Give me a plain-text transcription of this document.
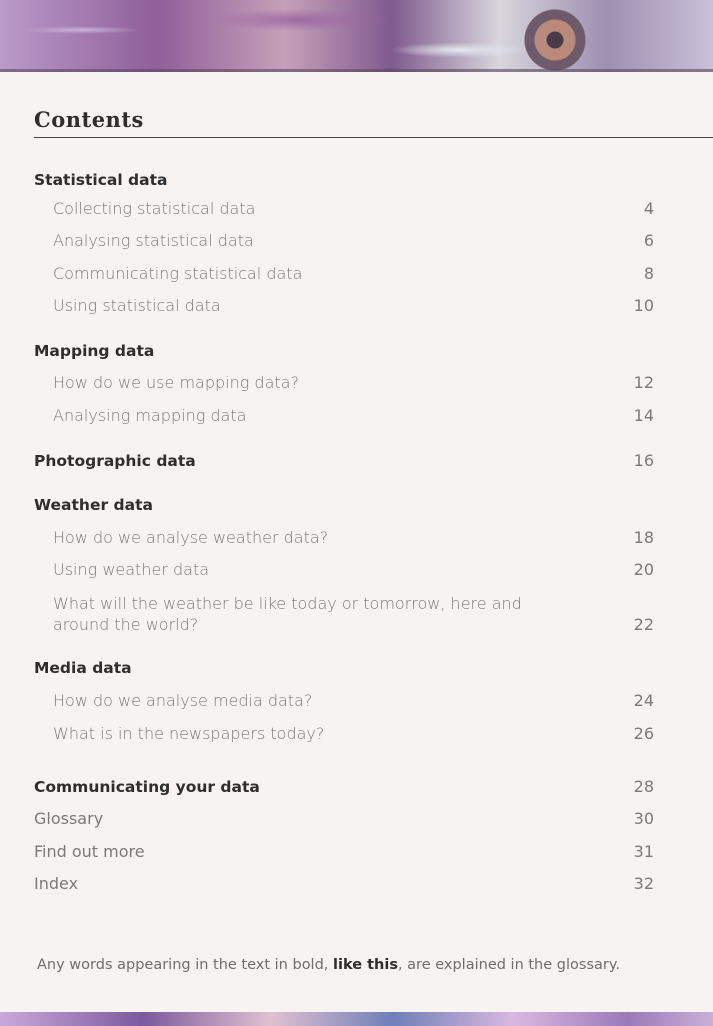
Contents
Statistical data
Collecting statistical data	4
Analysing statistical data	6
Communicating statistical data	8
Using statistical data	10
Mapping data
How do we use mapping data?	12
Analysing mapping data	14
Photographic data	16
Weather data
How do we analyse weather data?	18
Using weather data	20
What will the weather be like today or tomorrow, here and around the world?	22
Media data
How do we analyse media data?	24
What is in the newspapers today?	26
Communicating your data	28
Glossary	30
Find out more	31
Index	32

Any words appearing in the text in bold, like this, are explained in the glossary.
